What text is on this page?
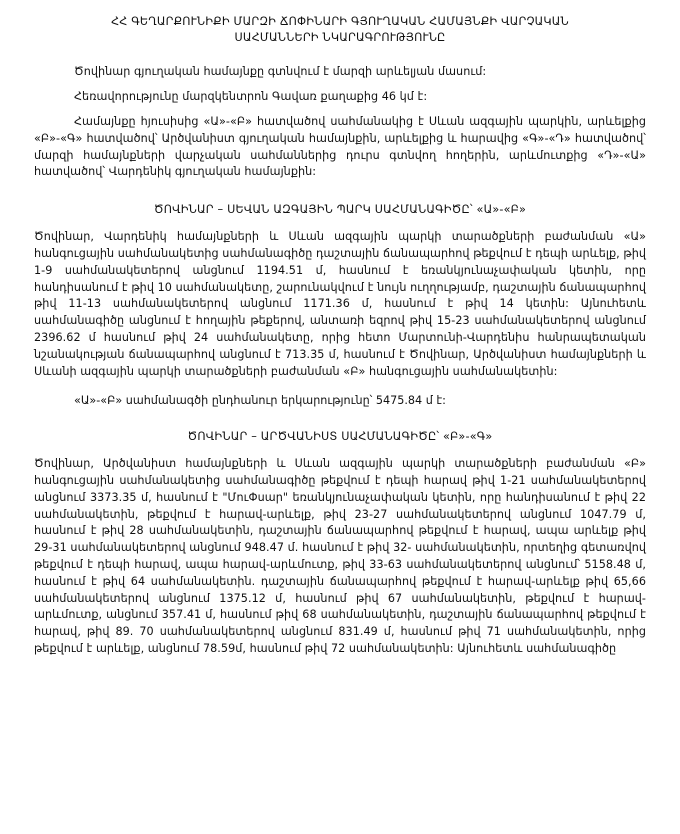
ՀՀ ԳԵՂԱՐՔՈՒՆԻՔԻ ՄԱՐԶԻ ՃՈՓԻՆԱՐԻ ԳՅՈՒՂԱԿԱՆ ՀԱՄԱՅՆՔԻ ՎԱՐՉԱԿԱՆ
ՍԱՀՄԱՆՆԵՐԻ ՆԿԱՐԱԳՐՈՒԹՅՈՒՆԸ

Ծովինար գյուղական համայնքը գտնվում է մարզի արևելյան մասում:

Հեռավորությունը մարզկենտրոն Գավառ քաղաքից 46 կմ է:

Համայնքը հյուսիսից «Ա»-«Բ» հատվածով սահմանակից է Սևան ազգային պարկին, արևելքից «Բ»-«Գ» հատվածով՝ Արծվանիստ գյուղական համայնքին, արևելքից և հարավից «Գ»-«Դ» հատվածով՝ մարզի համայնքների վարչական սահմաններից դուրս գտնվող հողերին, արևմուտքից «Դ»-«Ա» հատվածով՝ Վարդենիկ գյուղական համայնքին:

ԾՈՎԻՆԱՐ – ՍԵՎԱՆ ԱԶԳԱՅԻՆ ՊԱՐԿ ՍԱՀՄԱՆԱԳԻԾԸ՝ «Ա»-«Բ»

Ծովինար, Վարդենիկ համայնքների և Սևան ազգային պարկի տարածքների բաժանման «Ա» հանգուցային սահմանակետից սահմանագիծը դաշտային ճանապարհով թեքվում է դեպի արևելք, թիվ 1-9 սահմանակետերով անցնում 1194.51 մ, հասնում է եռանկյունաչափական կետին, որը հանդիսանում է թիվ 10 սահմանակետը, շարունակվում է նույն ուղղությամբ, դաշտային ճանապարհով թիվ 11-13 սահմանակետերով անցնում 1171.36 մ, հասնում է թիվ 14 կետին: Այնուհետև սահմանագիծը անցնում է հողային թեքերով, անտառի եզրով թիվ 15-23 սահմանակետերով անցնում 2396.62 մ հասնում թիվ 24 սահմանակետը, որից հետո Մարտունի-Վարդենիս հանրապետական նշանակության ճանապարհով անցնում է 713.35 մ, հասնում է Ծովինար, Արծվանիստ համայնքների և Սևանի ազգային պարկի տարածքների բաժանման «Բ» հանգուցային սահմանակետին:

«Ա»-«Բ» սահմանագծի ընդհանուր երկարությունը՝ 5475.84 մ է:

ԾՈՎԻՆԱՐ – ԱՐԾՎԱՆԻՍՏ ՍԱՀՄԱՆԱԳԻԾԸ՝ «Բ»-«Գ»

Ծովինար, Արծվանիստ համայնքների և Սևան ազգային պարկի տարածքների բաժանման «Բ» հանգուցային սահմանակետից սահմանագիծը թեքվում է դեպի հարավ թիվ 1-21 սահմանակետերով անցնում 3373.35 մ, հասնում է "ՄուՓսար" եռանկյունաչափական կետին, որը հանդիսանում է թիվ 22 սահմանակետին, թեքվում է հարավ-արևելք, թիվ 23-27 սահմանակետերով անցնում 1047.79 մ, հասնում է թիվ 28 սահմանակետին, դաշտային ճանապարհով թեքվում է հարավ, ապա արևելք թիվ 29-31 սահմանակետերով անցնում 948.47 մ. հասնում է թիվ 32- սահմանակետին, որտեղից գետառվով թեքվում է դեպի հարավ, ապա հարավ-արևմուտք, թիվ 33-63 սահմանակետերով անցնում՝ 5158.48 մ, հասնում է թիվ 64 սահմանակետին. դաշտային ճանապարհով թեքվում է հարավ-արևելք թիվ 65,66 սահմանակետերով անցնում 1375.12 մ, հասնում թիվ 67 սահմանակետին, թեքվում է հարավ-արևմուտք, անցնում 357.41 մ, հասնում թիվ 68 սահմանակետին, դաշտային ճանապարհով թեքվում է հարավ, թիվ 89. 70 սահմանակետերով անցնում 831.49 մ, հասնում թիվ 71 սահմանակետին, որից թեքվում է արևելք, անցնում 78.59մ, հասնում թիվ 72 սահմանակետին: Այնուհետև սահմանագիծը
